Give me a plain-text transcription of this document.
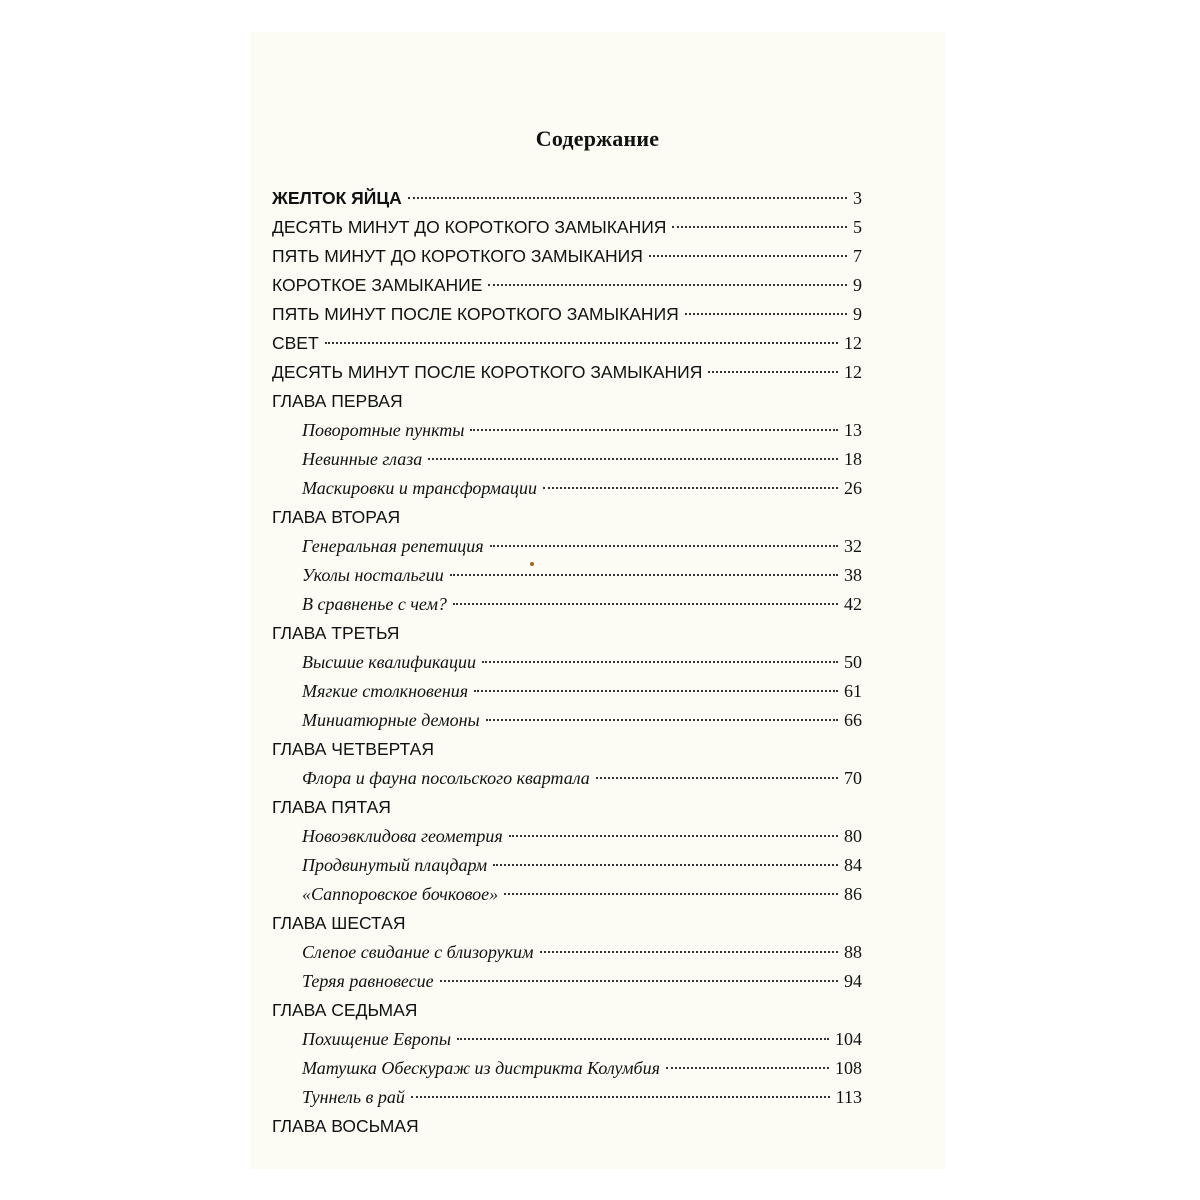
Содержание
ЖЕЛТОК ЯЙЦА	3
ДЕСЯТЬ МИНУТ ДО КОРОТКОГО ЗАМЫКАНИЯ	5
ПЯТЬ МИНУТ ДО КОРОТКОГО ЗАМЫКАНИЯ	7
КОРОТКОЕ ЗАМЫКАНИЕ	9
ПЯТЬ МИНУТ ПОСЛЕ КОРОТКОГО ЗАМЫКАНИЯ	9
СВЕТ	12
ДЕСЯТЬ МИНУТ ПОСЛЕ КОРОТКОГО ЗАМЫКАНИЯ	12
ГЛАВА ПЕРВАЯ
Поворотные пункты	13
Невинные глаза	18
Маскировки и трансформации	26
ГЛАВА ВТОРАЯ
Генеральная репетиция	32
Уколы ностальгии	38
В сравненье с чем?	42
ГЛАВА ТРЕТЬЯ
Высшие квалификации	50
Мягкие столкновения	61
Миниатюрные демоны	66
ГЛАВА ЧЕТВЕРТАЯ
Флора и фауна посольского квартала	70
ГЛАВА ПЯТАЯ
Новоэвклидова геометрия	80
Продвинутый плацдарм	84
«Саппоровское бочковое»	86
ГЛАВА ШЕСТАЯ
Слепое свидание с близоруким	88
Теряя равновесие	94
ГЛАВА СЕДЬМАЯ
Похищение Европы	104
Матушка Обескураж из дистрикта Колумбия	108
Туннель в рай	113
ГЛАВА ВОСЬМАЯ
